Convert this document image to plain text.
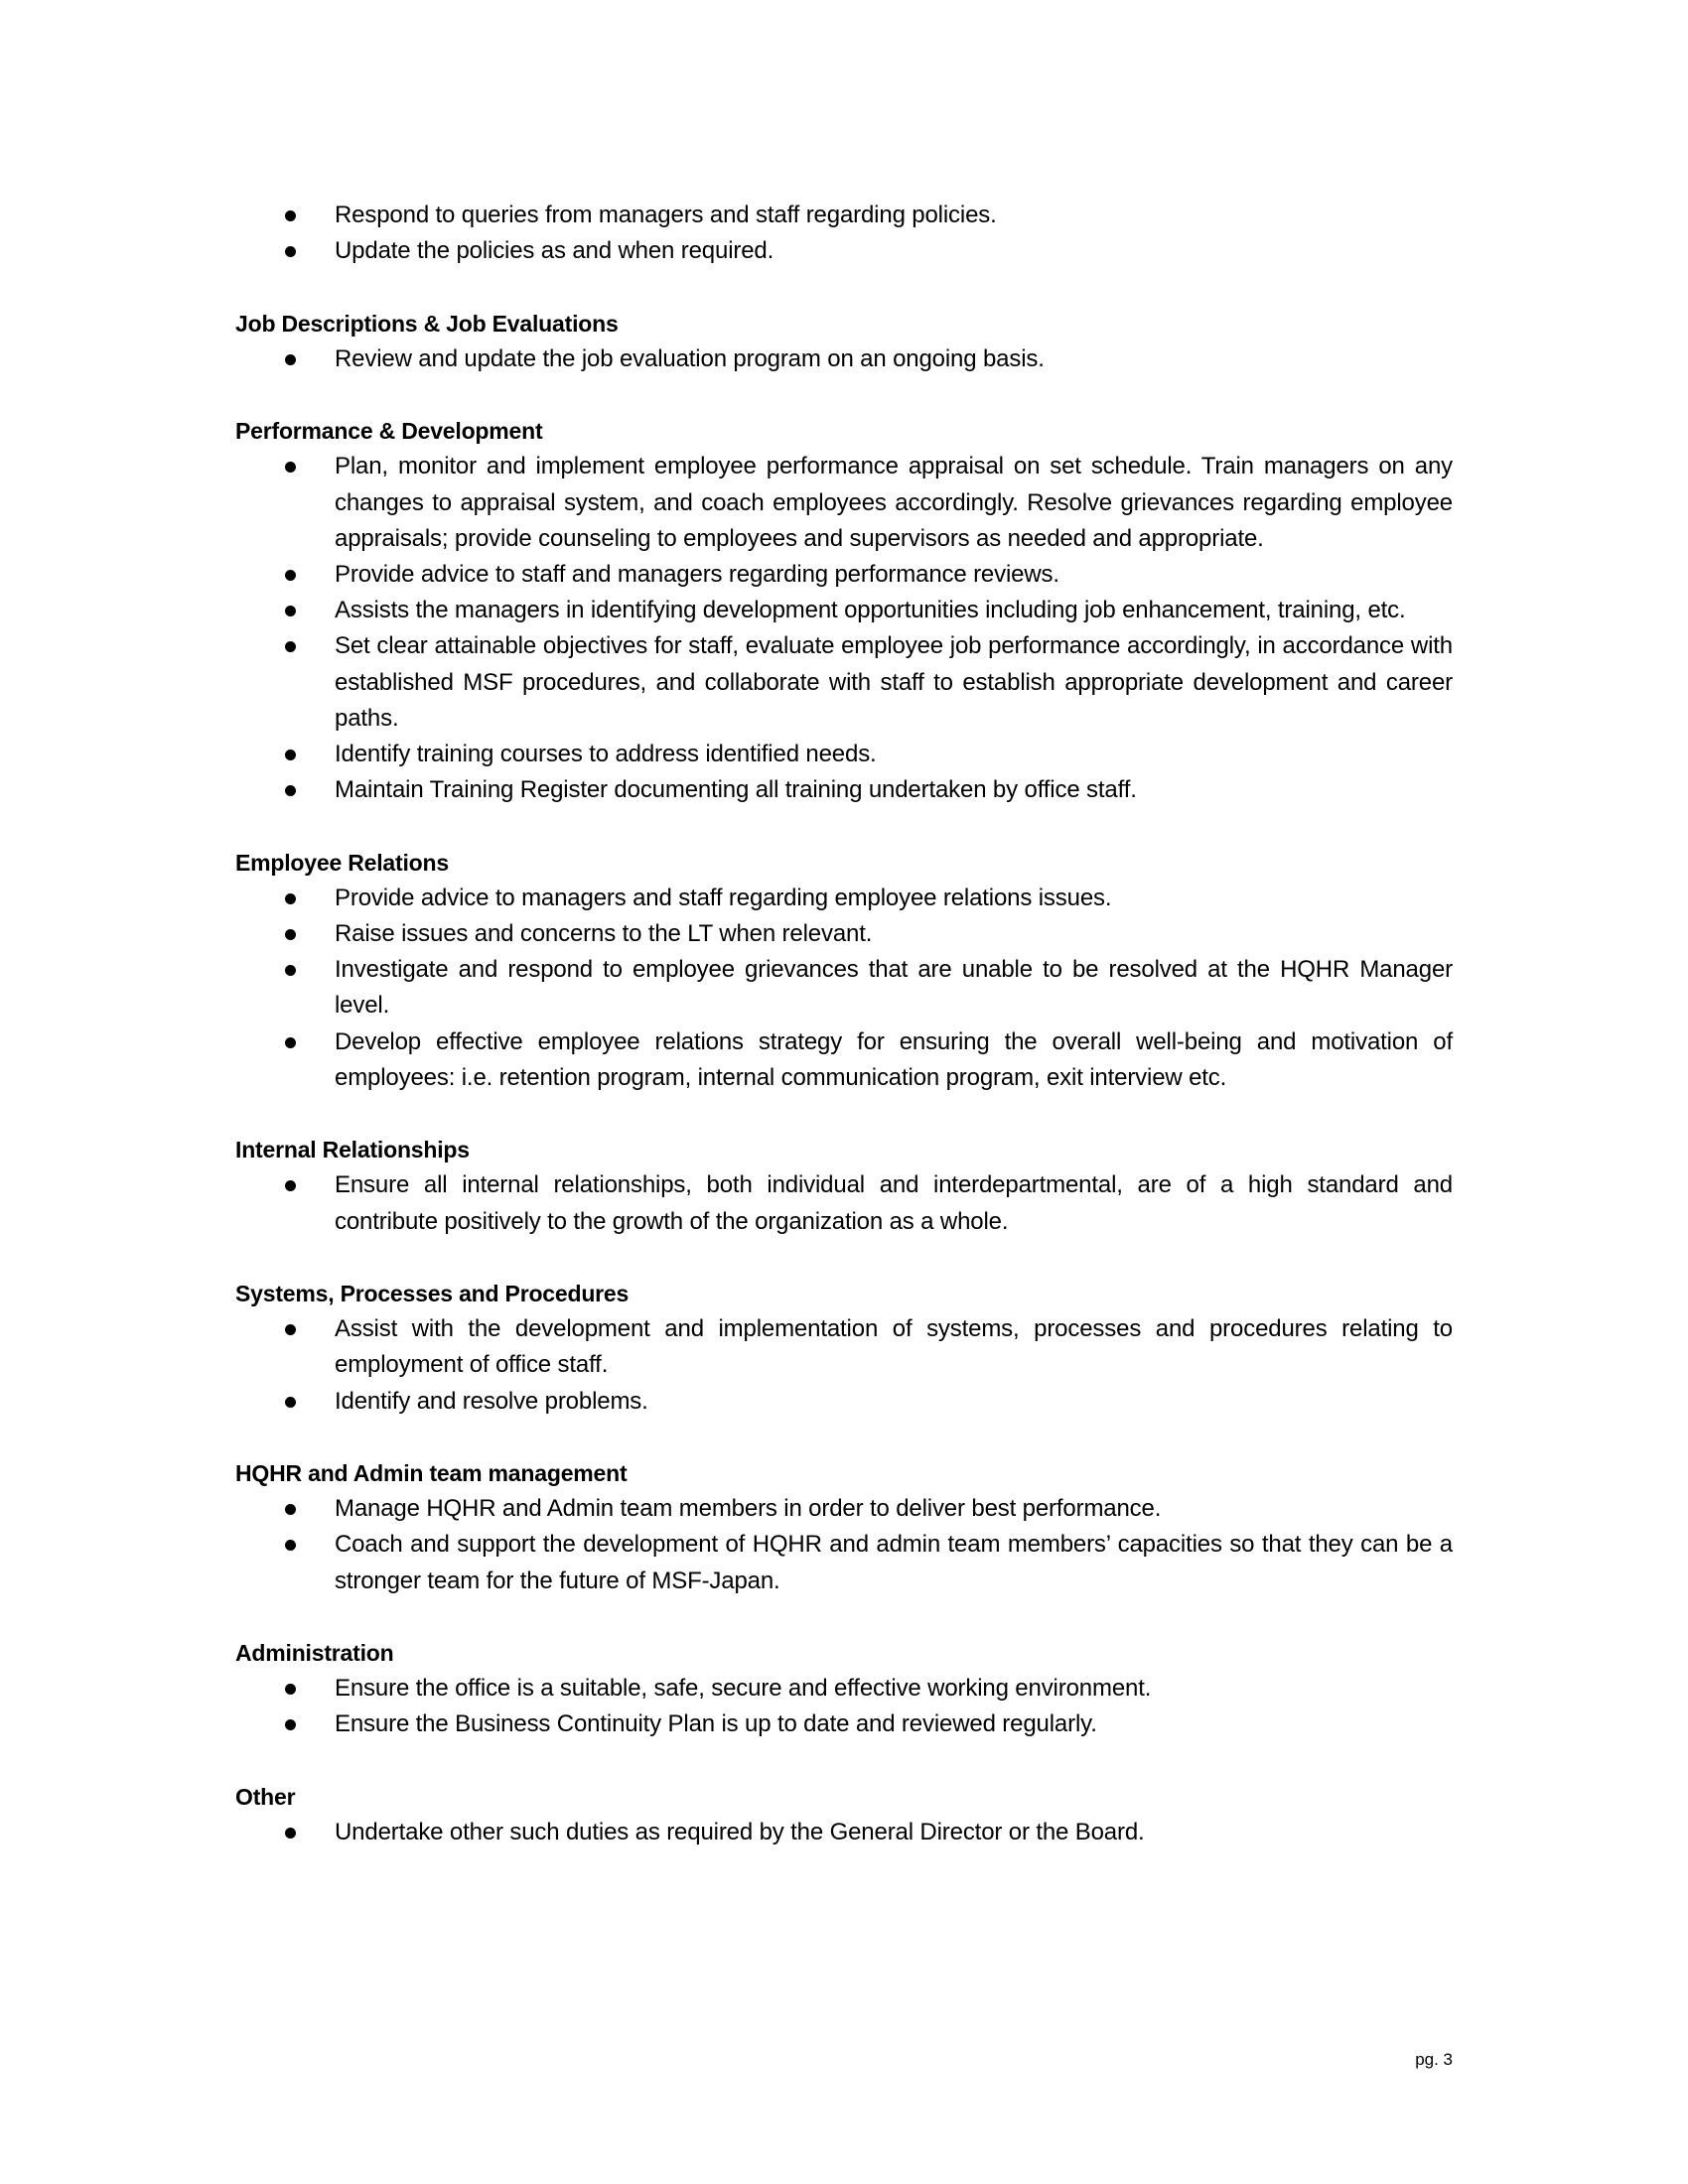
Respond to queries from managers and staff regarding policies.
Update the policies as and when required.
Job Descriptions & Job Evaluations
Review and update the job evaluation program on an ongoing basis.
Performance & Development
Plan, monitor and implement employee performance appraisal on set schedule. Train managers on any changes to appraisal system, and coach employees accordingly. Resolve grievances regarding employee appraisals; provide counseling to employees and supervisors as needed and appropriate.
Provide advice to staff and managers regarding performance reviews.
Assists the managers in identifying development opportunities including job enhancement, training, etc.
Set clear attainable objectives for staff, evaluate employee job performance accordingly, in accordance with established MSF procedures, and collaborate with staff to establish appropriate development and career paths.
Identify training courses to address identified needs.
Maintain Training Register documenting all training undertaken by office staff.
Employee Relations
Provide advice to managers and staff regarding employee relations issues.
Raise issues and concerns to the LT when relevant.
Investigate and respond to employee grievances that are unable to be resolved at the HQHR Manager level.
Develop effective employee relations strategy for ensuring the overall well-being and motivation of employees: i.e. retention program, internal communication program, exit interview etc.
Internal Relationships
Ensure all internal relationships, both individual and interdepartmental, are of a high standard and contribute positively to the growth of the organization as a whole.
Systems, Processes and Procedures
Assist with the development and implementation of systems, processes and procedures relating to employment of office staff.
Identify and resolve problems.
HQHR and Admin team management
Manage HQHR and Admin team members in order to deliver best performance.
Coach and support the development of HQHR and admin team members’ capacities so that they can be a stronger team for the future of MSF-Japan.
Administration
Ensure the office is a suitable, safe, secure and effective working environment.
Ensure the Business Continuity Plan is up to date and reviewed regularly.
Other
Undertake other such duties as required by the General Director or the Board.
pg. 3
